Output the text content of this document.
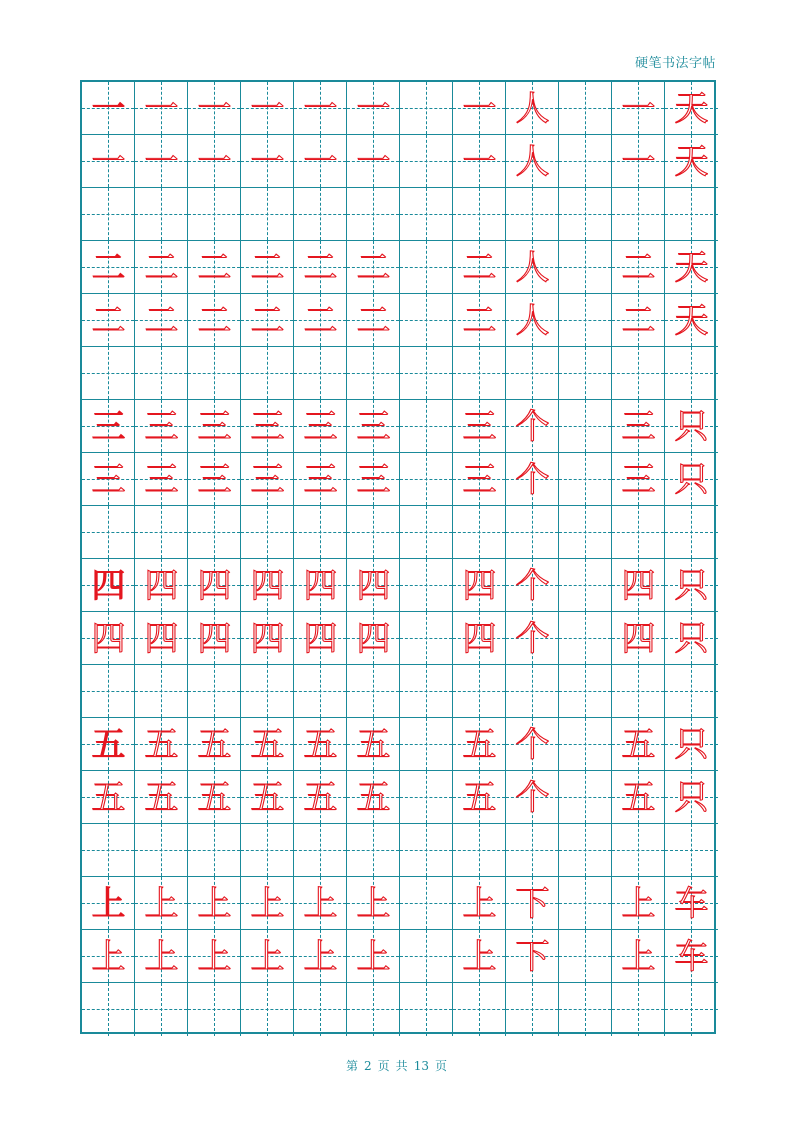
硬笔书法字帖
一 一 一 一 一 一 一 人 一 天
一 一 一 一 一 一 一 人 一 天
二 二 二 二 二 二 二 人 二 天
二 二 二 二 二 二 二 人 二 天
三 三 三 三 三 三 三 个 三 只
三 三 三 三 三 三 三 个 三 只
四 四 四 四 四 四 四 个 四 只
四 四 四 四 四 四 四 个 四 只
五 五 五 五 五 五 五 个 五 只
五 五 五 五 五 五 五 个 五 只
上 上 上 上 上 上 上 下 上 车
上 上 上 上 上 上 上 下 上 车
第 2 页 共 13 页
